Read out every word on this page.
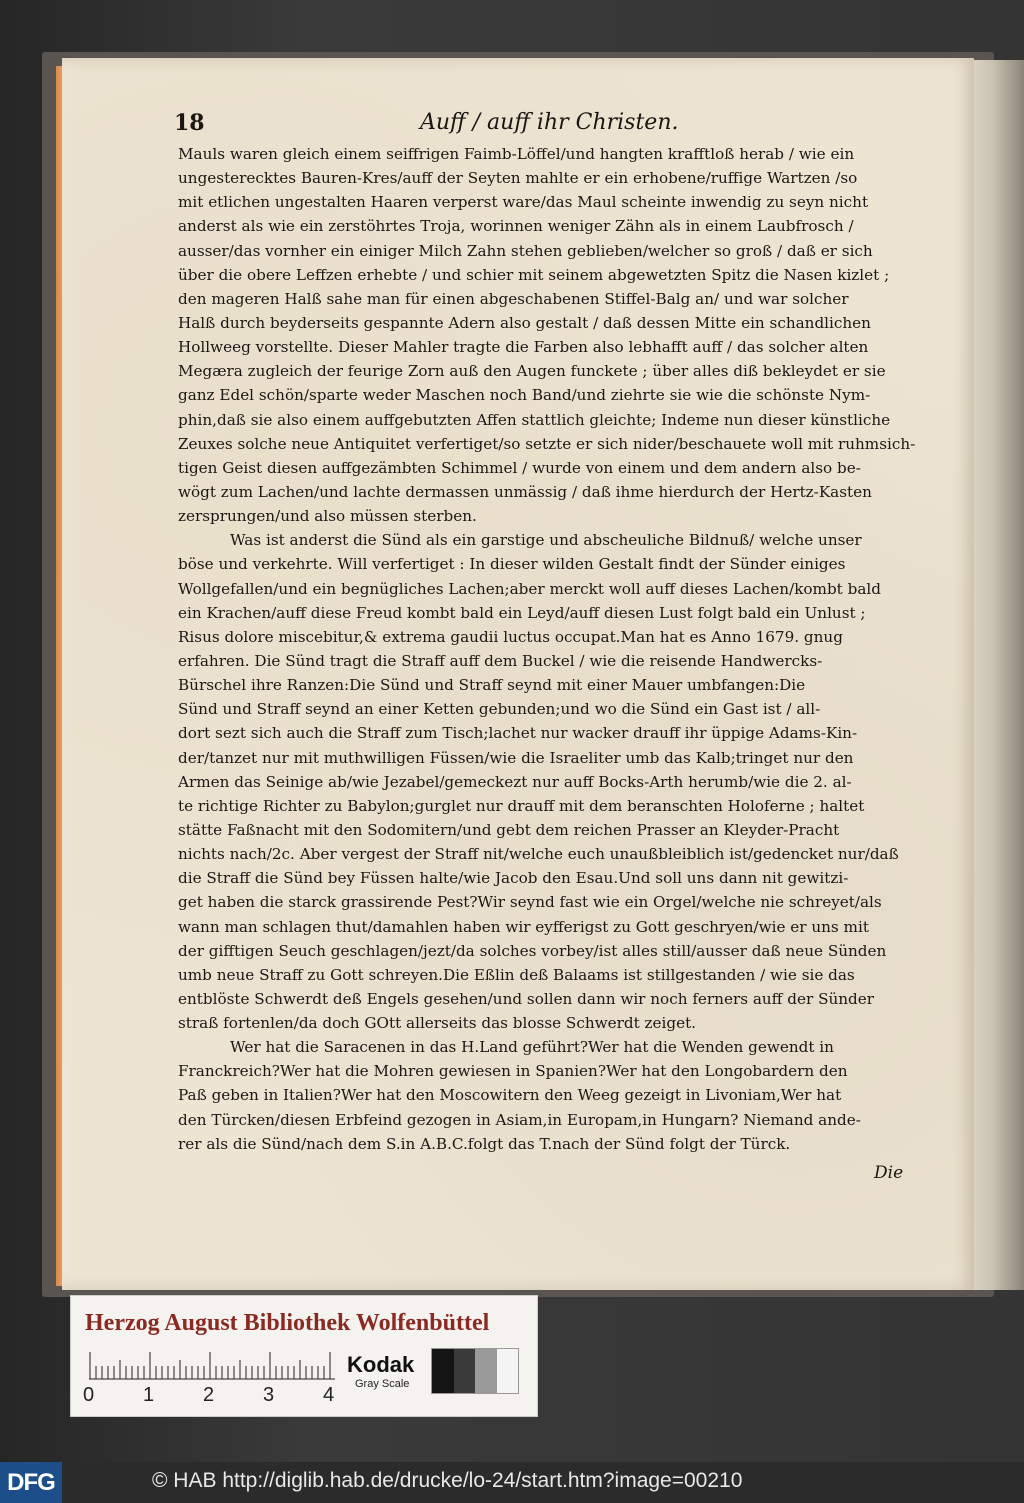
18	Auff / auff ihr Christen.
Mauls waren gleich einem seiffrigen Faimb-Löffel/und hangten krafftloß herab / wie ein
ungesterecktes Bauren-Kres/auff der Seyten mahlte er ein erhobene/ruffige Wartzen /so
mit etlichen ungestalten Haaren verperst ware/das Maul scheinte inwendig zu seyn nicht
anderst als wie ein zerstöhrtes Troja, worinnen weniger Zähn als in einem Laubfrosch /
ausser/das vornher ein einiger Milch Zahn stehen geblieben/welcher so groß / daß er sich
über die obere Leffzen erhebte / und schier mit seinem abgewetzten Spitz die Nasen kizlet ;
den mageren Halß sahe man für einen abgeschabenen Stiffel-Balg an/ und war solcher
Halß durch beyderseits gespannte Adern also gestalt / daß dessen Mitte ein schandlichen
Hollweeg vorstellte. Dieser Mahler tragte die Farben also lebhafft auff / das solcher alten
Megæra zugleich der feurige Zorn auß den Augen funckete ; über alles diß bekleydet er sie
ganz Edel schön/sparte weder Maschen noch Band/und ziehrte sie wie die schönste Nym-
phin,daß sie also einem auffgebutzten Affen stattlich gleichte; Indeme nun dieser künstliche
Zeuxes solche neue Antiquitet verfertiget/so setzte er sich nider/beschauete woll mit ruhmsich-
tigen Geist diesen auffgezämbten Schimmel / wurde von einem und dem andern also be-
wögt zum Lachen/und lachte dermassen unmässig / daß ihme hierdurch der Hertz-Kasten
zersprungen/und also müssen sterben.
Was ist anderst die Sünd als ein garstige und abscheuliche Bildnuß/ welche unser
böse und verkehrte. Will verfertiget : In dieser wilden Gestalt findt der Sünder einiges
Wollgefallen/und ein begnügliches Lachen;aber merckt woll auff dieses Lachen/kombt bald
ein Krachen/auff diese Freud kombt bald ein Leyd/auff diesen Lust folgt bald ein Unlust ;
Risus dolore miscebitur,& extrema gaudii luctus occupat.Man hat es Anno 1679. gnug
erfahren. Die Sünd tragt die Straff auff dem Buckel / wie die reisende Handwercks-
Bürschel ihre Ranzen:Die Sünd und Straff seynd mit einer Mauer umbfangen:Die
Sünd und Straff seynd an einer Ketten gebunden;und wo die Sünd ein Gast ist / all-
dort sezt sich auch die Straff zum Tisch;lachet nur wacker drauff ihr üppige Adams-Kin-
der/tanzet nur mit muthwilligen Füssen/wie die Israeliter umb das Kalb;tringet nur den
Armen das Seinige ab/wie Jezabel/gemeckezt nur auff Bocks-Arth herumb/wie die 2. al-
te richtige Richter zu Babylon;gurglet nur drauff mit dem beranschten Holoferne ; haltet
stätte Faßnacht mit den Sodomitern/und gebt dem reichen Prasser an Kleyder-Pracht
nichts nach/2c. Aber vergest der Straff nit/welche euch unaußbleiblich ist/gedencket nur/daß
die Straff die Sünd bey Füssen halte/wie Jacob den Esau.Und soll uns dann nit gewitzi-
get haben die starck grassirende Pest?Wir seynd fast wie ein Orgel/welche nie schreyet/als
wann man schlagen thut/damahlen haben wir eyfferigst zu Gott geschryen/wie er uns mit
der gifftigen Seuch geschlagen/jezt/da solches vorbey/ist alles still/ausser daß neue Sünden
umb neue Straff zu Gott schreyen.Die Eßlin deß Balaams ist stillgestanden / wie sie das
entblöste Schwerdt deß Engels gesehen/und sollen dann wir noch ferners auff der Sünder
straß fortenlen/da doch GOtt allerseits das blosse Schwerdt zeiget.
Wer hat die Saracenen in das H.Land geführt?Wer hat die Wenden gewendt in
Franckreich?Wer hat die Mohren gewiesen in Spanien?Wer hat den Longobardern den
Paß geben in Italien?Wer hat den Moscowitern den Weeg gezeigt in Livoniam,Wer hat
den Türcken/diesen Erbfeind gezogen in Asiam,in Europam,in Hungarn? Niemand ande-
rer als die Sünd/nach dem S.in A.B.C.folgt das T.nach der Sünd folgt der Türck.
Die
Herzog August Bibliothek Wolfenbüttel
0 1 2 3 4
Kodak
Gray Scale
DFG	© HAB http://diglib.hab.de/drucke/lo-24/start.htm?image=00210
